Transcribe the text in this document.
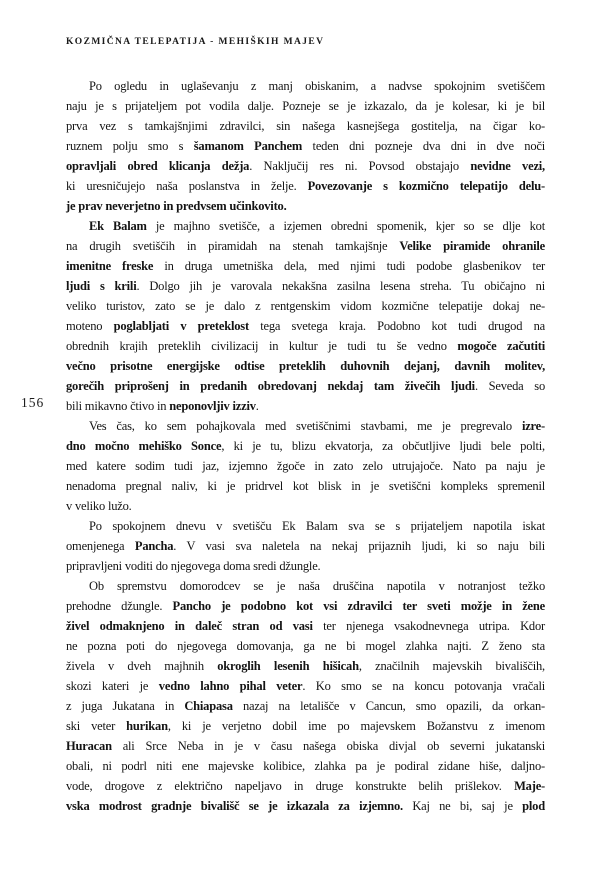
KOZMIČNA TELEPATIJA - MEHIŠKIH MAJEV
156
Po ogledu in uglaševanju z manj obiskanim, a nadvse spokojnim svetiščem
naju je s prijateljem pot vodila dalje. Pozneje se je izkazalo, da je kolesar, ki je bil
prva vez s tamkajšnjimi zdravilci, sin našega kasnejšega gostitelja, na čigar ko-
ruznem polju smo s šamanom Panchem teden dni pozneje dva dni in dve noči
opravljali obred klicanja dežja. Naključij res ni. Povsod obstajajo nevidne vezi,
ki uresničujejo naša poslanstva in želje. Povezovanje s kozmično telepatijo delu-
je prav neverjetno in predvsem učinkovito.
Ek Balam je majhno svetišče, a izjemen obredni spomenik, kjer so se dlje kot
na drugih svetiščih in piramidah na stenah tamkajšnje Velike piramide ohranile
imenitne freske in druga umetniška dela, med njimi tudi podobe glasbenikov ter
ljudi s krili. Dolgo jih je varovala nekakšna zasilna lesena streha. Tu običajno ni
veliko turistov, zato se je dalo z rentgenskim vidom kozmične telepatije dokaj ne-
moteno poglabljati v preteklost tega svetega kraja. Podobno kot tudi drugod na
obrednih krajih preteklih civilizacij in kultur je tudi tu še vedno mogoče začutiti
večno prisotne energijske odtise preteklih duhovnih dejanj, davnih molitev,
gorečih priprošenj in predanih obredovanj nekdaj tam živečih ljudi. Seveda so
bili mikavno čtivo in neponovljiv izziv.
Ves čas, ko sem pohajkovala med svetiščnimi stavbami, me je pregrevalo izre-
dno močno mehiško Sonce, ki je tu, blizu ekvatorja, za občutljive ljudi bele polti,
med katere sodim tudi jaz, izjemno žgoče in zato zelo utrujajoče. Nato pa naju je
nenadoma pregnal naliv, ki je pridrvel kot blisk in je svetiščni kompleks spremenil
v veliko lužo.
Po spokojnem dnevu v svetišču Ek Balam sva se s prijateljem napotila iskat
omenjenega Pancha. V vasi sva naletela na nekaj prijaznih ljudi, ki so naju bili
pripravljeni voditi do njegovega doma sredi džungle.
Ob spremstvu domorodcev se je naša druščina napotila v notranjost težko
prehodne džungle. Pancho je podobno kot vsi zdravilci ter sveti možje in žene
živel odmaknjeno in daleč stran od vasi ter njenega vsakodnevnega utripa. Kdor
ne pozna poti do njegovega domovanja, ga ne bi mogel zlahka najti. Z ženo sta
živela v dveh majhnih okroglih lesenih hišicah, značilnih majevskih bivališčih,
skozi kateri je vedno lahno pihal veter. Ko smo se na koncu potovanja vračali
z juga Jukatana in Chiapasa nazaj na letališče v Cancun, smo opazili, da orkan-
ski veter hurikan, ki je verjetno dobil ime po majevskem Božanstvu z imenom
Huracan ali Srce Neba in je v času našega obiska divjal ob severni jukatanski
obali, ni podrl niti ene majevske kolibice, zlahka pa je podiral zidane hiše, daljno-
vode, drogove z električno napeljavo in druge konstrukte belih prišlekov. Maje-
vska modrost gradnje bivališč se je izkazala za izjemno. Kaj ne bi, saj je plod
